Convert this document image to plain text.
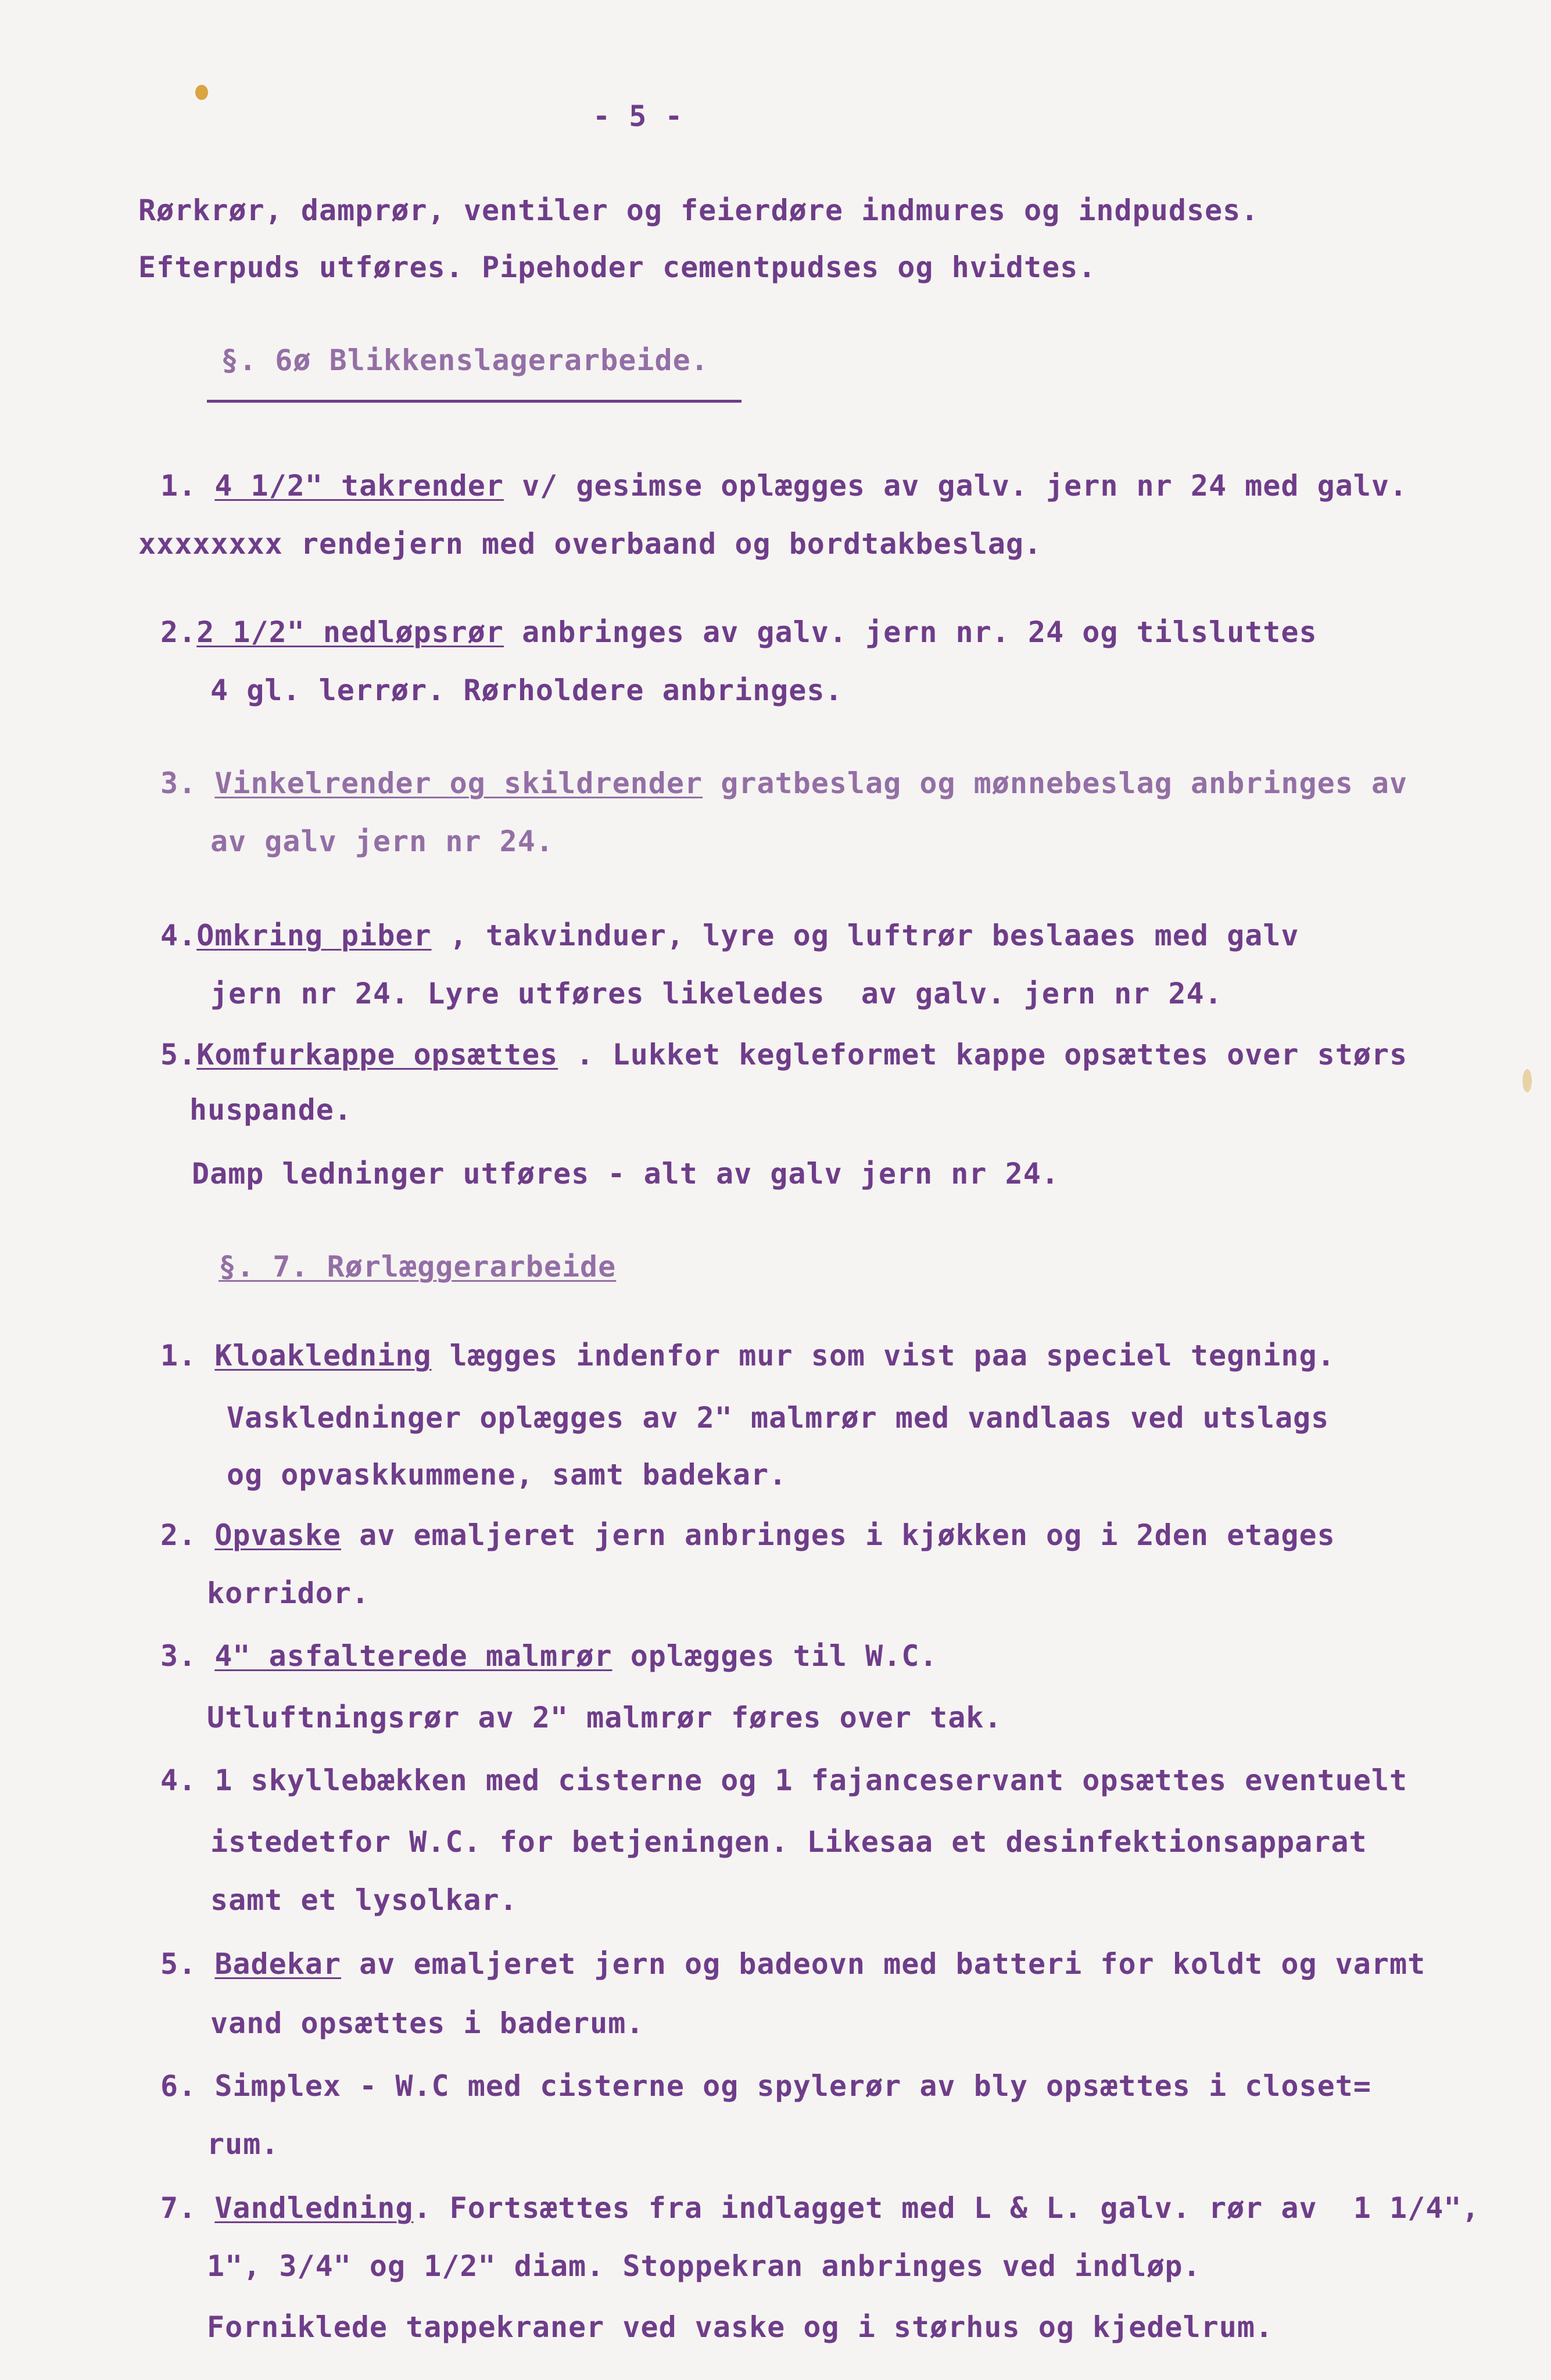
- 5 -
Rørkrør, damprør, ventiler og feierdøre indmures og indpudses.
Efterpuds utføres. Pipehoder cementpudses og hvidtes.
§. 6ø Blikkenslagerarbeide.
1. 4 1/2" takrender v/ gesimse oplægges av galv. jern nr 24 med galv.
xxxxxxxx rendejern med overbaand og bordtakbeslag.
2.2 1/2" nedløpsrør anbringes av galv. jern nr. 24 og tilsluttes
4 gl. lerrør. Rørholdere anbringes.
3. Vinkelrender og skildrender gratbeslag og mønnebeslag anbringes av
av galv jern nr 24.
4.Omkring piber , takvinduer, lyre og luftrør beslaaes med galv
jern nr 24. Lyre utføres likeledes  av galv. jern nr 24.
5.Komfurkappe opsættes . Lukket kegleformet kappe opsættes over størs
huspande.
Damp ledninger utføres - alt av galv jern nr 24.
§. 7. Rørlæggerarbeide
1. Kloakledning lægges indenfor mur som vist paa speciel tegning.
Vaskledninger oplægges av 2" malmrør med vandlaas ved utslags
og opvaskkummene, samt badekar.
2. Opvaske av emaljeret jern anbringes i kjøkken og i 2den etages
korridor.
3. 4" asfalterede malmrør oplægges til W.C.
Utluftningsrør av 2" malmrør føres over tak.
4. 1 skyllebækken med cisterne og 1 fajanceservant opsættes eventuelt
istedetfor W.C. for betjeningen. Likesaa et desinfektionsapparat
samt et lysolkar.
5. Badekar av emaljeret jern og badeovn med batteri for koldt og varmt
vand opsættes i baderum.
6. Simplex - W.C med cisterne og spylerør av bly opsættes i closet=
rum.
7. Vandledning. Fortsættes fra indlagget med L & L. galv. rør av  1 1/4",
1", 3/4" og 1/2" diam. Stoppekran anbringes ved indløp.
Forniklede tappekraner ved vaske og i størhus og kjedelrum.
